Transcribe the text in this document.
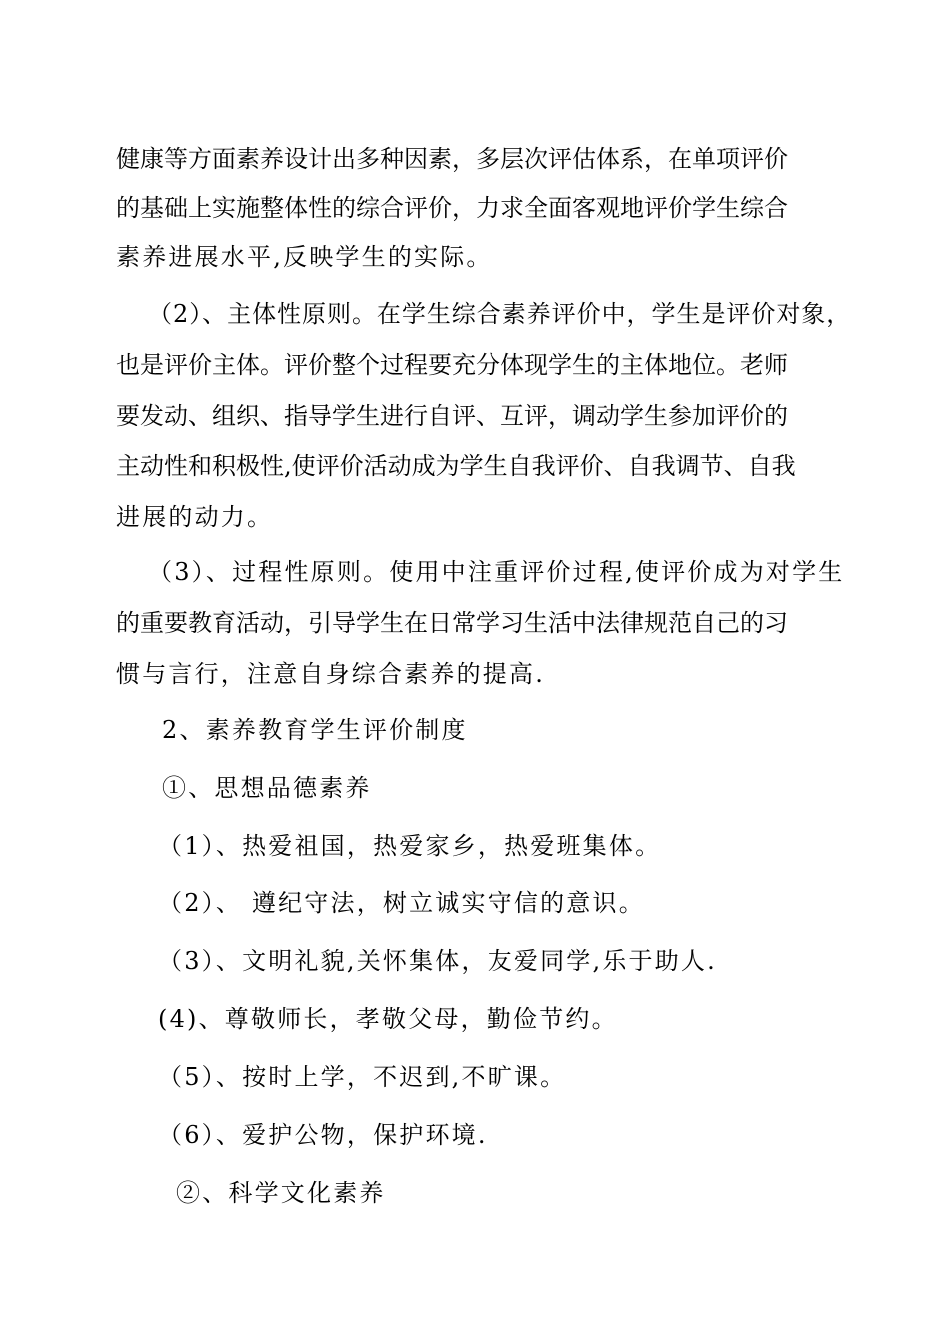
健康等方面素养设计出多种因素，多层次评估体系，在单项评价
的基础上实施整体性的综合评价，力求全面客观地评价学生综合
素养进展水平,反映学生的实际。
（2）、主体性原则。在学生综合素养评价中，学生是评价对象，
也是评价主体。评价整个过程要充分体现学生的主体地位。老师
要发动、组织、指导学生进行自评、互评，调动学生参加评价的
主动性和积极性,使评价活动成为学生自我评价、自我调节、自我
进展的动力。
（3）、过程性原则。使用中注重评价过程,使评价成为对学生
的重要教育活动，引导学生在日常学习生活中法律规范自己的习
惯与言行，注意自身综合素养的提高.
2、素养教育学生评价制度
①、思想品德素养
（1）、热爱祖国，热爱家乡，热爱班集体。
（2）、 遵纪守法，树立诚实守信的意识。
（3）、文明礼貌,关怀集体，友爱同学,乐于助人.
(4)、尊敬师长，孝敬父母，勤俭节约。
（5）、按时上学，不迟到,不旷课。
（6）、爱护公物，保护环境.
②、科学文化素养
